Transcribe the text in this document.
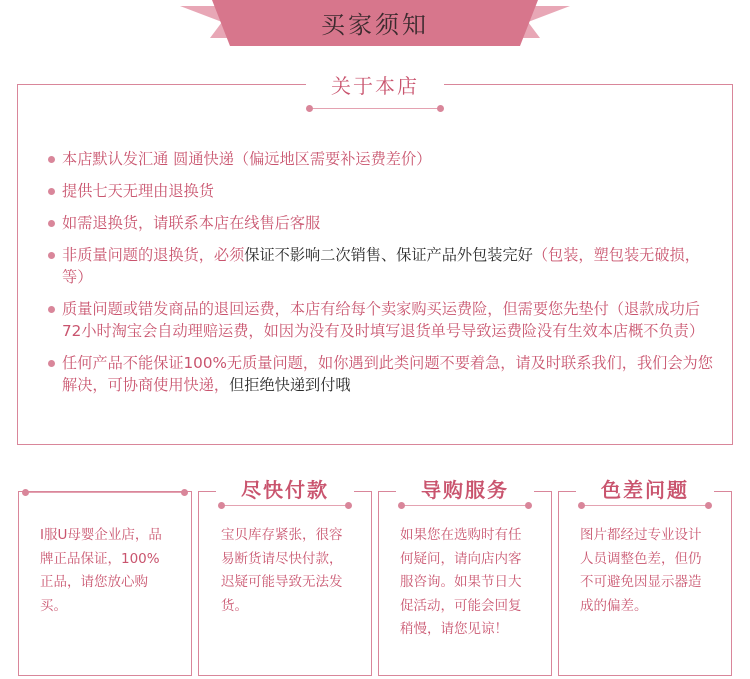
买家须知
关于本店
本店默认发汇通 圆通快递（偏远地区需要补运费差价）
提供七天无理由退换货
如需退换货，请联系本店在线售后客服
非质量问题的退换货，必须保证不影响二次销售、保证产品外包装完好（包装，塑包装无破损，等）
质量问题或错发商品的退回运费，本店有给每个卖家购买运费险，但需要您先垫付（退款成功后72小时淘宝会自动理赔运费，如因为没有及时填写退货单号导致运费险没有生效本店概不负责）
任何产品不能保证100%无质量问题，如你遇到此类问题不要着急，请及时联系我们，我们会为您解决，可协商使用快递，但拒绝快递到付哦
I服U母婴企业店，品牌正品保证，100%正品，请您放心购买。
尽快付款
宝贝库存紧张，很容易断货请尽快付款，迟疑可能导致无法发货。
导购服务
如果您在选购时有任何疑问，请向店内客服咨询。如果节日大促活动，可能会回复稍慢，请您见谅！
色差问题
图片都经过专业设计人员调整色差，但仍不可避免因显示器造成的偏差。
